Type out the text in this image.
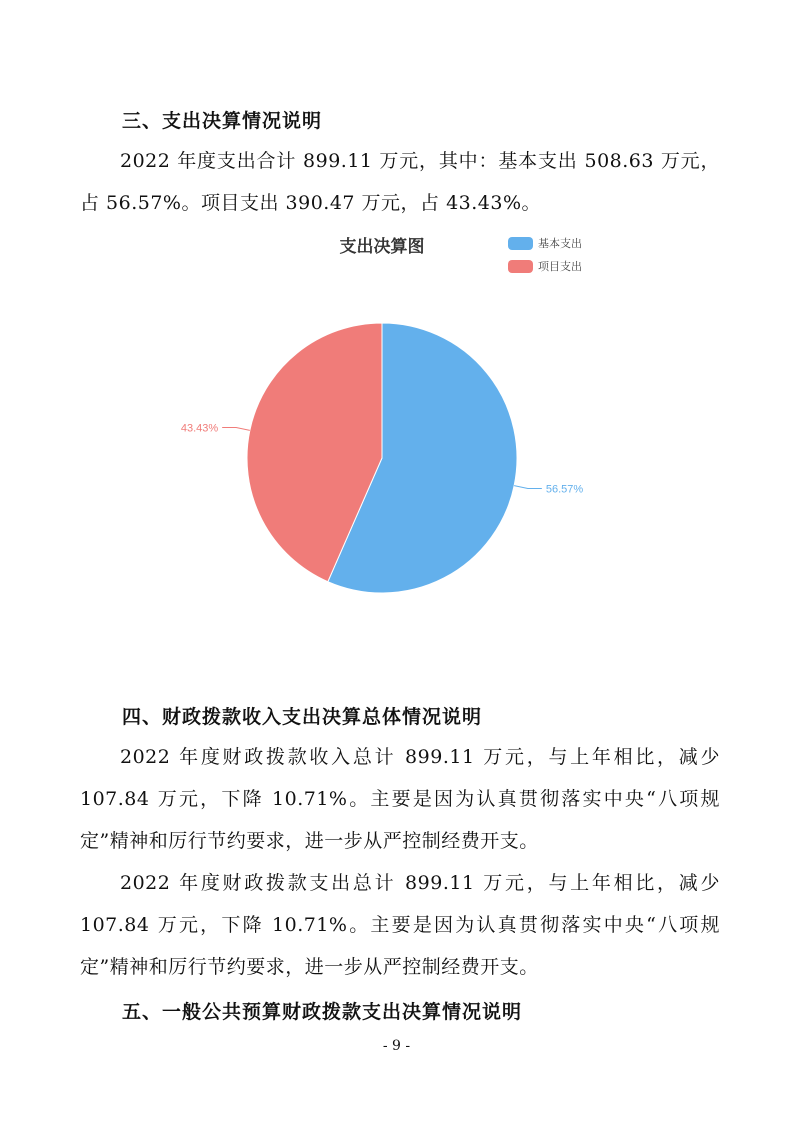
三、支出决算情况说明
2022 年度支出合计 899.11 万元，其中：基本支出 508.63 万元，占 56.57%。项目支出 390.47 万元，占 43.43%。
支出决算图	基本支出
项目支出
56.57%
43.43%
四、财政拨款收入支出决算总体情况说明
2022 年度财政拨款收入总计 899.11 万元，与上年相比，减少 107.84 万元，下降 10.71%。主要是因为认真贯彻落实中央“八项规定”精神和厉行节约要求，进一步从严控制经费开支。
2022 年度财政拨款支出总计 899.11 万元，与上年相比，减少 107.84 万元，下降 10.71%。主要是因为认真贯彻落实中央“八项规定”精神和厉行节约要求，进一步从严控制经费开支。
五、一般公共预算财政拨款支出决算情况说明
- 9 -
